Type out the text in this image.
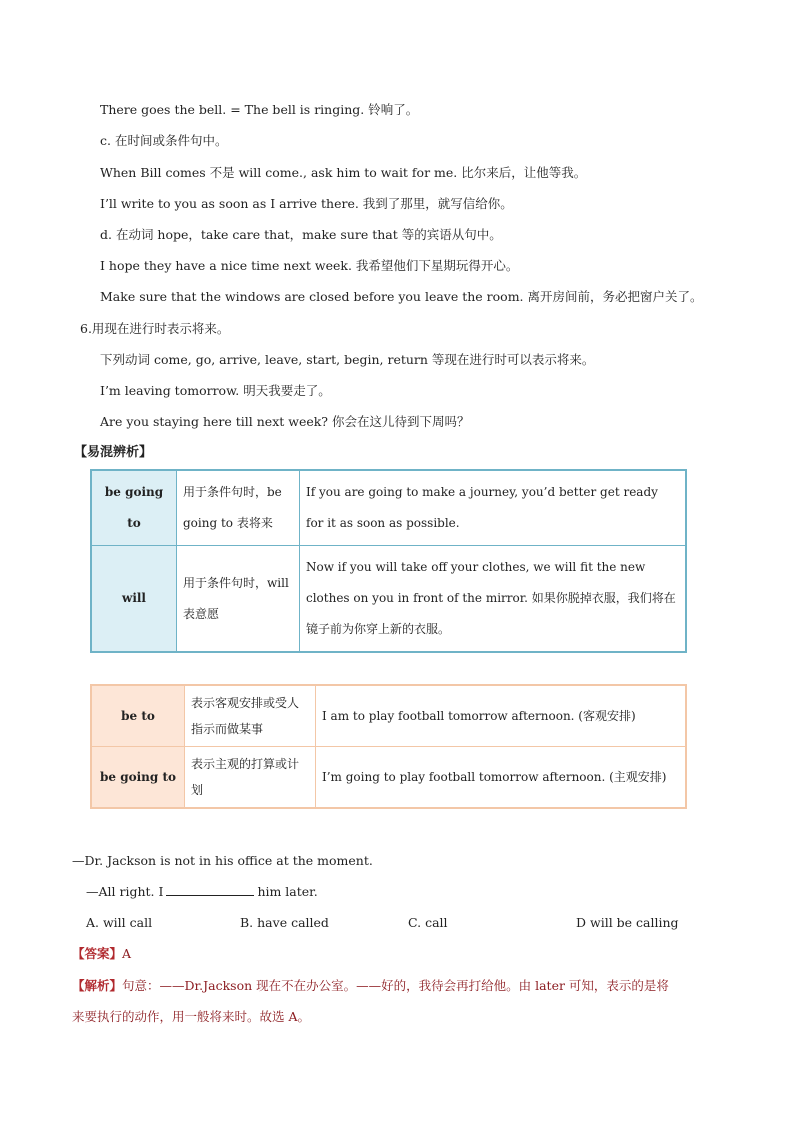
There goes the bell. = The bell is ringing. 铃响了。
c. 在时间或条件句中。
When Bill comes 不是 will come., ask him to wait for me. 比尔来后，让他等我。
I’ll write to you as soon as I arrive there. 我到了那里，就写信给你。
d. 在动词 hope，take care that，make sure that 等的宾语从句中。
I hope they have a nice time next week. 我希望他们下星期玩得开心。
Make sure that the windows are closed before you leave the room. 离开房间前，务必把窗户关了。
6.用现在进行时表示将来。
下列动词 come, go, arrive, leave, start, begin, return 等现在进行时可以表示将来。
I’m leaving tomorrow. 明天我要走了。
Are you staying here till next week? 你会在这儿待到下周吗？
【易混辨析】
be going to	用于条件句时，be going to 表将来	If you are going to make a journey, you’d better get ready for it as soon as possible.
will	用于条件句时，will 表意愿	Now if you will take off your clothes, we will fit the new clothes on you in front of the mirror. 如果你脱掉衣服，我们将在镜子前为你穿上新的衣服。
be to	表示客观安排或受人指示而做某事	I am to play football tomorrow afternoon. (客观安排)
be going to	表示主观的打算或计划	I’m going to play football tomorrow afternoon. (主观安排)
—Dr. Jackson is not in his office at the moment.
—All right. I	him later.
A. will call	B. have called	C. call	D will be calling
【答案】A
【解析】句意：——Dr.Jackson 现在不在办公室。——好的，我待会再打给他。由 later 可知，表示的是将
来要执行的动作，用一般将来时。故选 A。
